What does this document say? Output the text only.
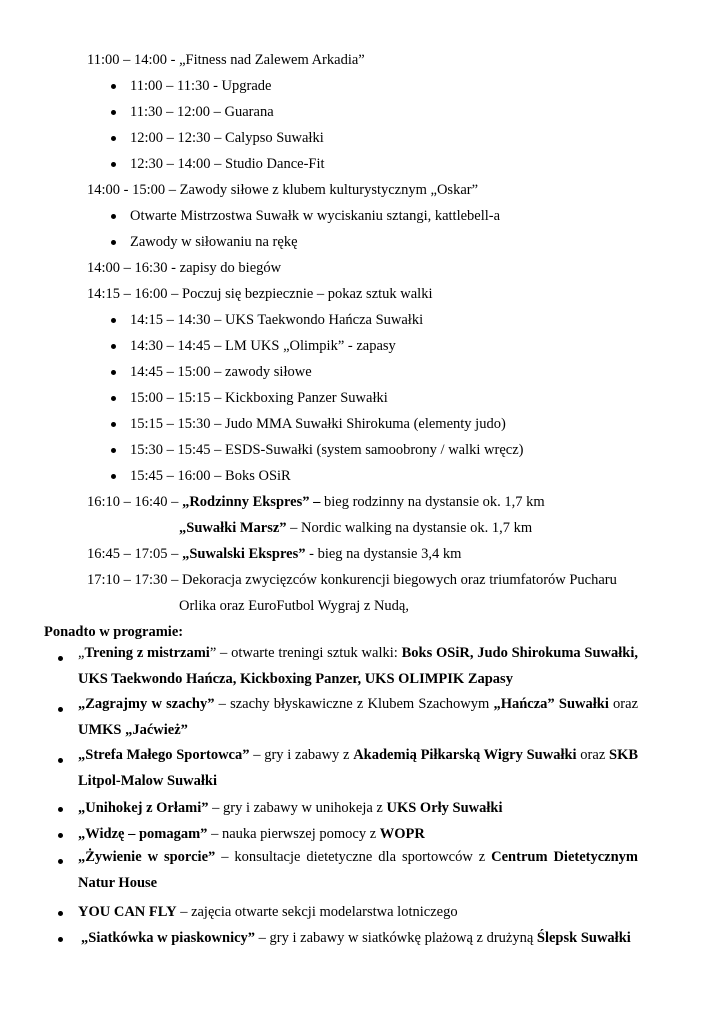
11:00 – 14:00 - „Fitness nad Zalewem Arkadia”
11:00 – 11:30 - Upgrade
11:30 – 12:00 – Guarana
12:00 – 12:30 – Calypso Suwałki
12:30 – 14:00 – Studio Dance-Fit
14:00 - 15:00 – Zawody siłowe z klubem kulturystycznym „Oskar”
Otwarte Mistrzostwa Suwałk w wyciskaniu sztangi, kattlebell-a
Zawody w siłowaniu na rękę
14:00 – 16:30 - zapisy do biegów
14:15 – 16:00 – Poczuj się bezpiecznie – pokaz sztuk walki
14:15 – 14:30 – UKS Taekwondo Hańcza Suwałki
14:30 – 14:45 – LM UKS „Olimpik” - zapasy
14:45 – 15:00 – zawody siłowe
15:00 – 15:15 – Kickboxing Panzer Suwałki
15:15 – 15:30 – Judo MMA Suwałki Shirokuma (elementy judo)
15:30 – 15:45 – ESDS-Suwałki (system samoobrony / walki wręcz)
15:45 – 16:00 – Boks OSiR
16:10 – 16:40 – „Rodzinny Ekspres” – bieg rodzinny na dystansie ok. 1,7 km
„Suwałki Marsz” – Nordic walking na dystansie ok. 1,7 km
16:45 – 17:05 – „Suwalski Ekspres” - bieg na dystansie 3,4 km
17:10 – 17:30 – Dekoracja zwycięzców konkurencji biegowych oraz triumfatorów Pucharu
Orlika oraz EuroFutbol Wygraj z Nudą,
Ponadto w programie:
„Trening z mistrzami” – otwarte treningi sztuk walki: Boks OSiR, Judo Shirokuma Suwałki, UKS Taekwondo Hańcza, Kickboxing Panzer, UKS OLIMPIK Zapasy
„Zagrajmy w szachy” – szachy błyskawiczne z Klubem Szachowym „Hańcza” Suwałki oraz UMKS „Jaćwież”
„Strefa Małego Sportowca” – gry i zabawy z Akademią Piłkarską Wigry Suwałki oraz SKB Litpol-Malow Suwałki
„Unihokej z Orłami” – gry i zabawy w unihokeja z UKS Orły Suwałki
„Widzę – pomagam” – nauka pierwszej pomocy z WOPR
„Żywienie w sporcie” – konsultacje dietetyczne dla sportowców z Centrum Dietetycznym Natur House
YOU CAN FLY – zajęcia otwarte sekcji modelarstwa lotniczego
„Siatkówka w piaskownicy” – gry i zabawy w siatkówkę plażową z drużyną Ślepsk Suwałki
